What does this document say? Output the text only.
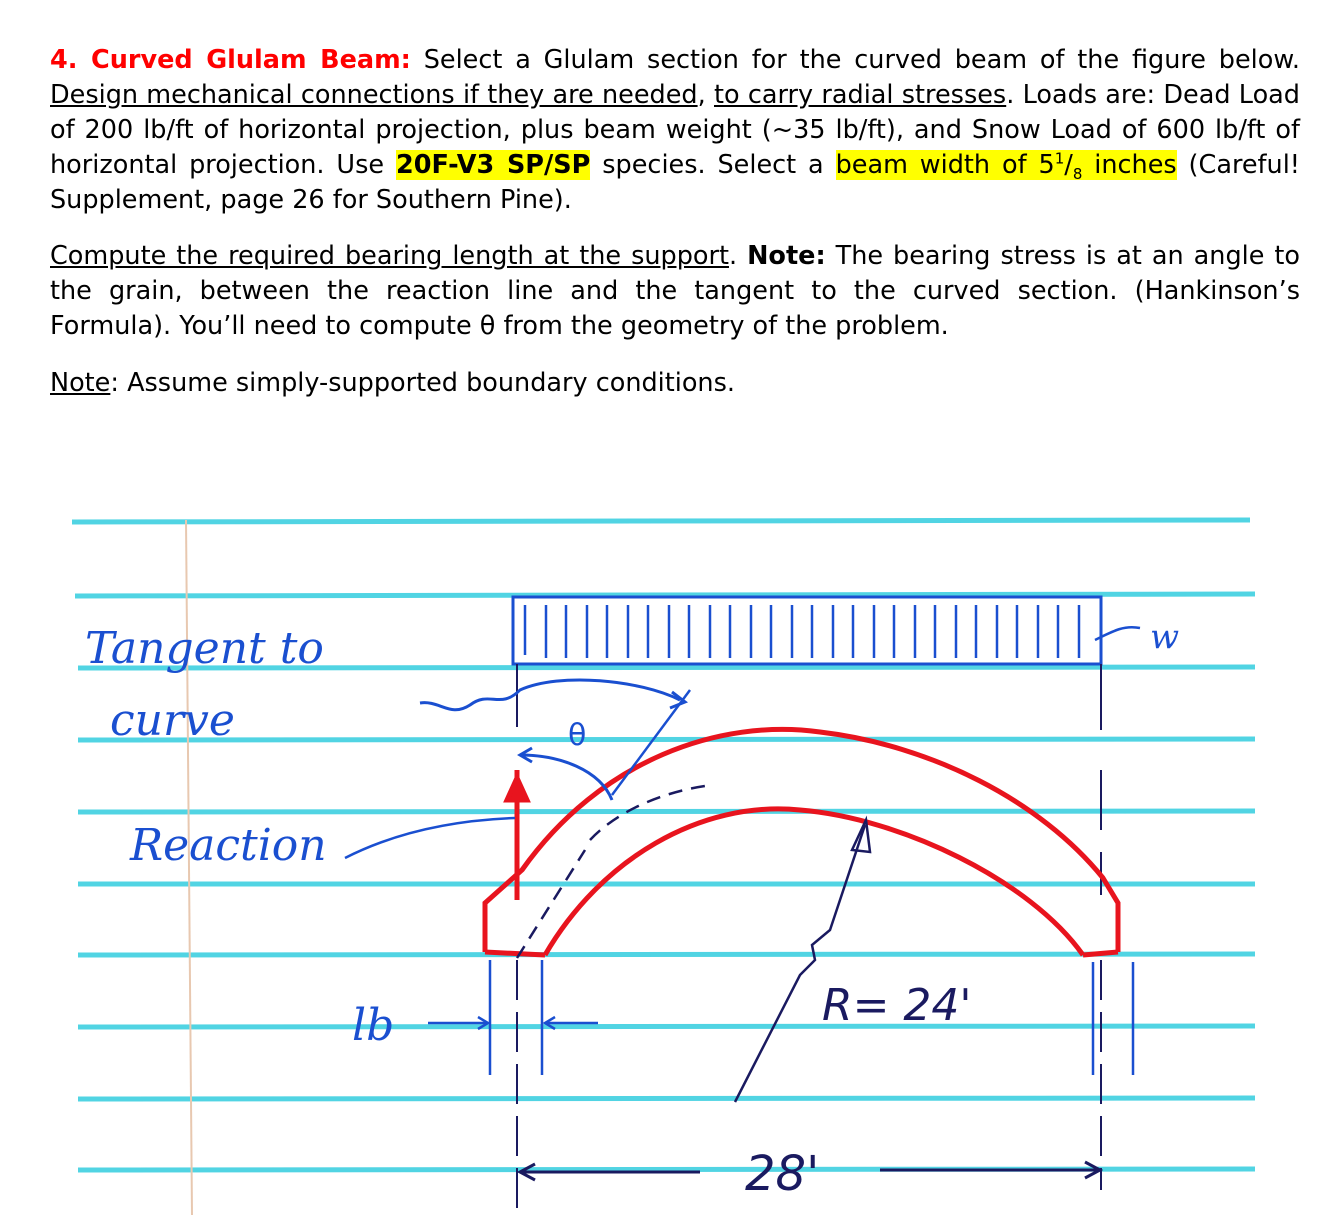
4. Curved Glulam Beam: Select a Glulam section for the curved beam of the figure below. Design mechanical connections if they are needed, to carry radial stresses. Loads are: Dead Load of 200 lb/ft of horizontal projection, plus beam weight (~35 lb/ft), and Snow Load of 600 lb/ft of horizontal projection. Use 20F-V3 SP/SP species. Select a beam width of $5^1/_8$ inches (Careful! Supplement, page 26 for Southern Pine).
Compute the required bearing length at the support. Note: The bearing stress is at an angle to the grain, between the reaction line and the tangent to the curved section. (Hankinson’s Formula). You’ll need to compute θ from the geometry of the problem.
Note: Assume simply-supported boundary conditions.
w
θ
Tangent to
curve
Reaction
lb	R= 24'
28'
